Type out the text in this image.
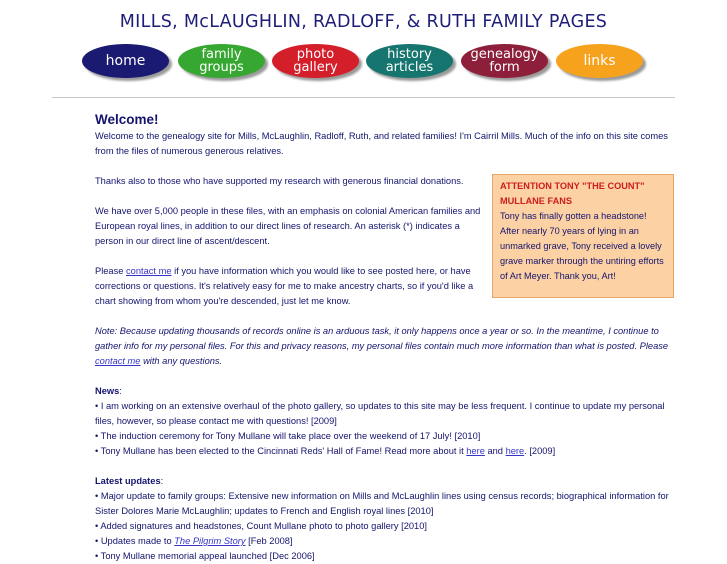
MILLS, McLAUGHLIN, RADLOFF, & RUTH FAMILY PAGES
home	family
groups
photo
gallery
history
articles
genealogy
form	links
Welcome!

Welcome to the genealogy site for Mills, McLaughlin, Radloff, Ruth, and related families! I'm Cairril Mills. Much of the info on this site comes from the files of numerous generous relatives.

Thanks also to those who have supported my research with generous financial donations.

We have over 5,000 people in these files, with an emphasis on colonial American families and European royal lines, in addition to our direct lines of research. An asterisk (*) indicates a person in our direct line of ascent/descent.

Please contact me if you have information which you would like to see posted here, or have corrections or questions. It's relatively easy for me to make ancestry charts, so if you'd like a chart showing from whom you're descended, just let me know.

Note: Because updating thousands of records online is an arduous task, it only happens once a year or so. In the meantime, I continue to gather info for my personal files. For this and privacy reasons, my personal files contain much more information than what is posted. Please contact me with any questions.

News:

• I am working on an extensive overhaul of the photo gallery, so updates to this site may be less frequent. I continue to update my personal files, however, so please contact me with questions! [2009]

• The induction ceremony for Tony Mullane will take place over the weekend of 17 July! [2010]

• Tony Mullane has been elected to the Cincinnati Reds' Hall of Fame! Read more about it here and here. [2009]

Latest updates:

• Major update to family groups: Extensive new information on Mills and McLaughlin lines using census records; biographical information for Sister Dolores Marie McLaughlin; updates to French and English royal lines [2010]

• Added signatures and headstones, Count Mullane photo to photo gallery [2010]

• Updates made to The Pilgrim Story [Feb 2008]

• Tony Mullane memorial appeal launched [Dec 2006]

ATTENTION TONY "THE COUNT" MULLANE FANS
Tony has finally gotten a headstone! After nearly 70 years of lying in an unmarked grave, Tony received a lovely grave marker through the untiring efforts of Art Meyer. Thank you, Art!
